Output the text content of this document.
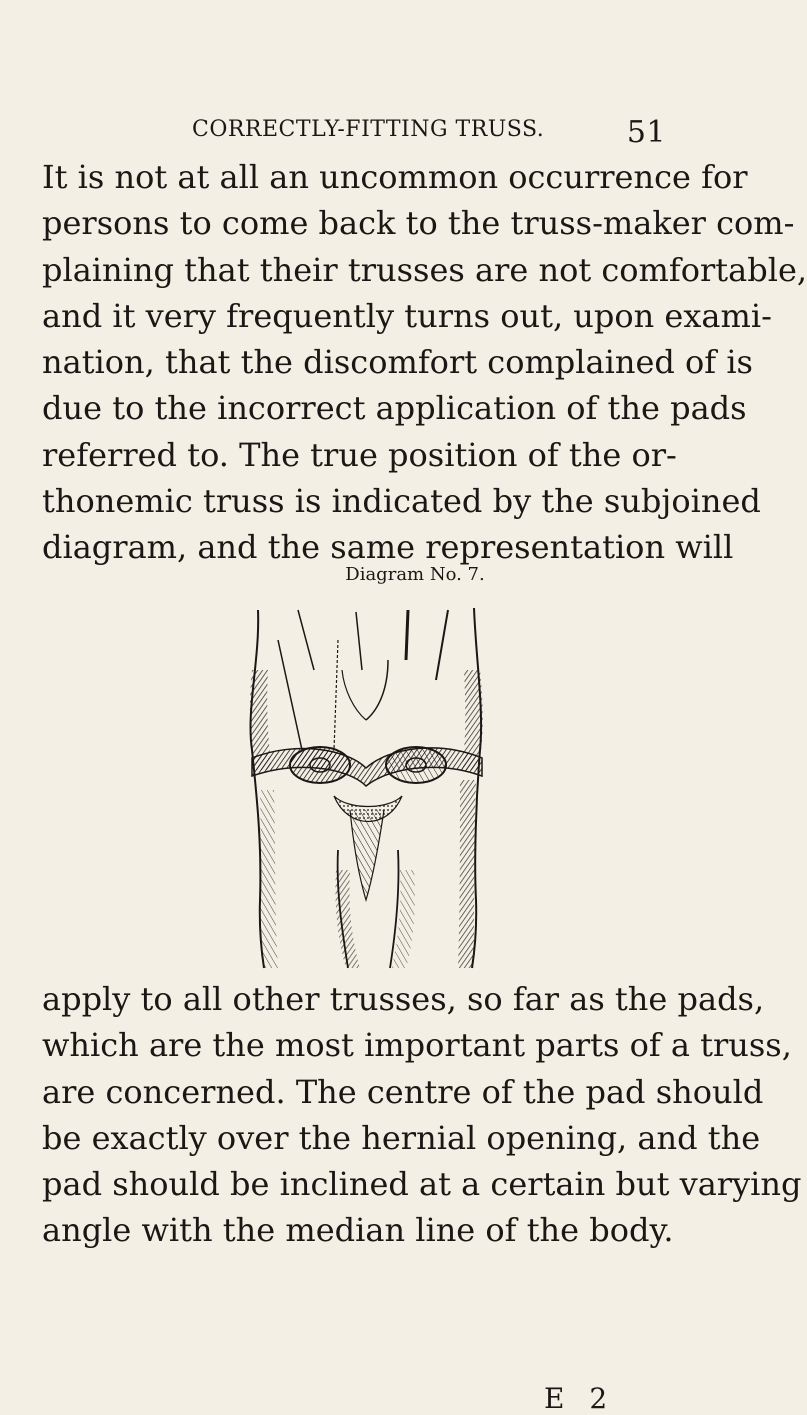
CORRECTLY-FITTING TRUSS.	51
It is not at all an uncommon occurrence for
persons to come back to the truss-maker com-
plaining that their trusses are not comfortable,
and it very frequently turns out, upon exami-
nation, that the discomfort complained of is
due to the incorrect application of the pads
referred to. The true position of the or-
thonemic truss is indicated by the subjoined
diagram, and the same representation will
Diagram No. 7.
apply to all other trusses, so far as the pads,
which are the most important parts of a truss,
are concerned. The centre of the pad should
be exactly over the hernial opening, and the
pad should be inclined at a certain but varying
angle with the median line of the body.
E 2
